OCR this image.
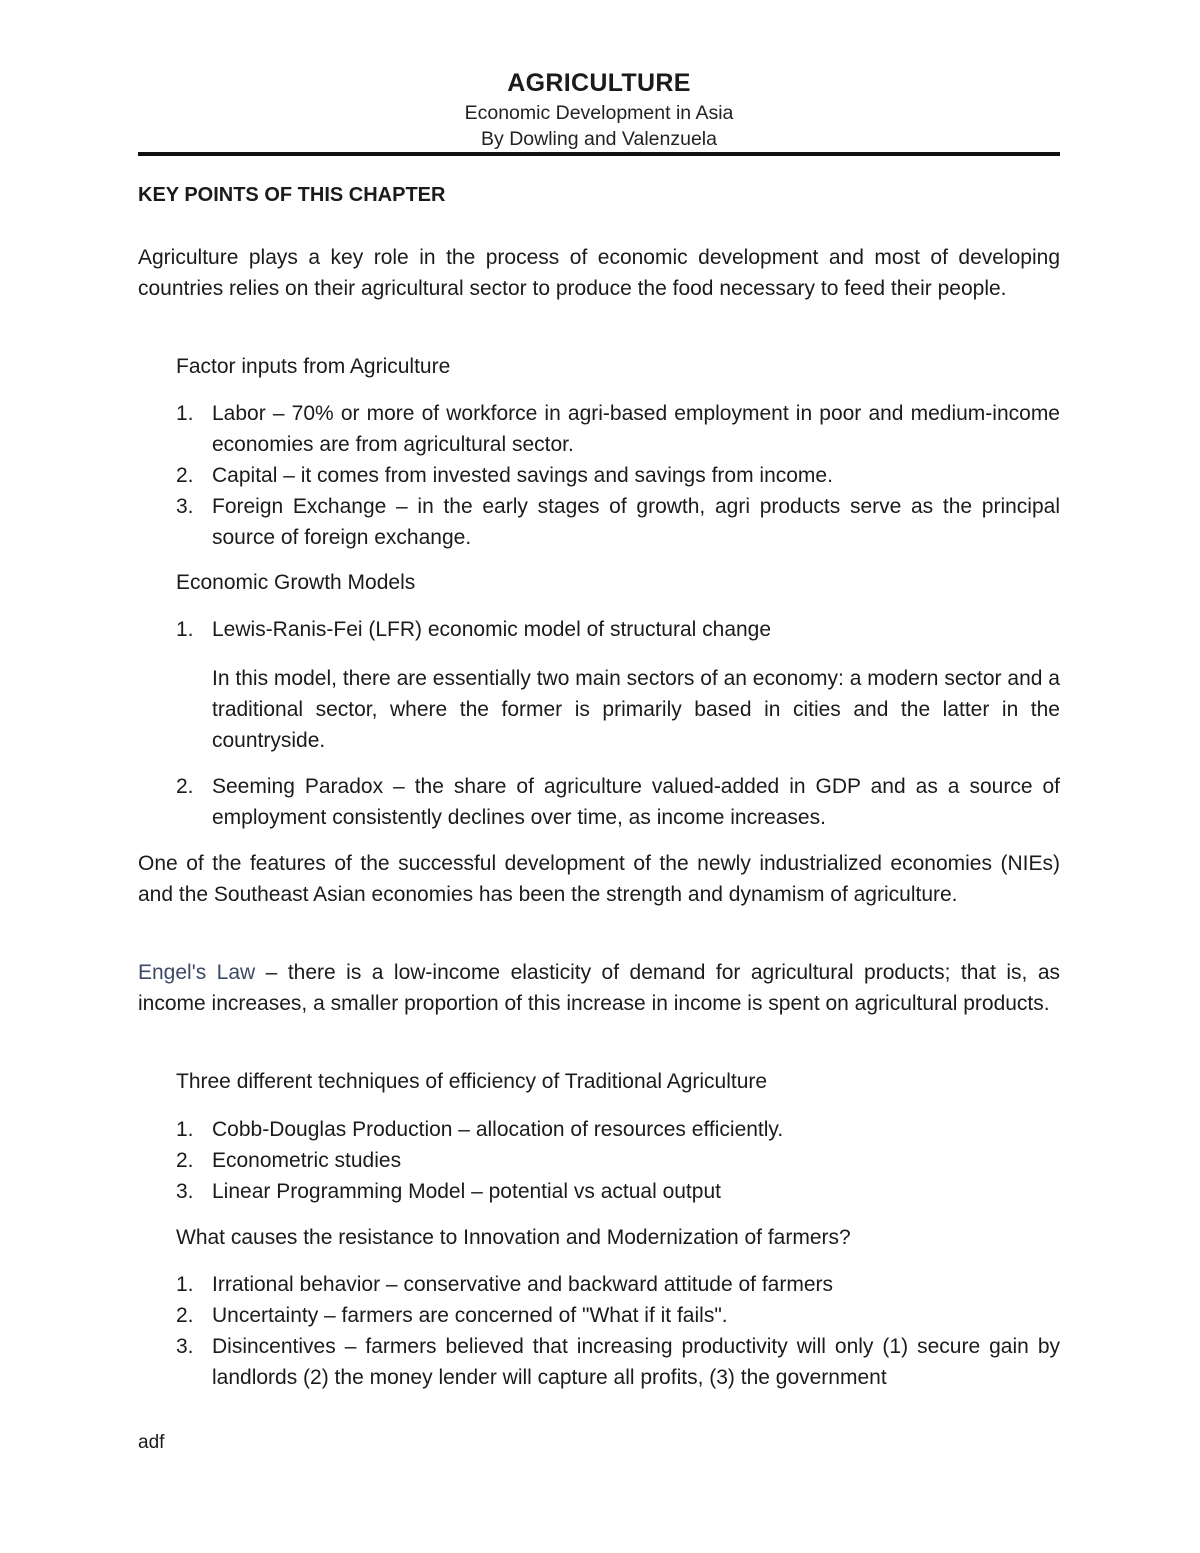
AGRICULTURE
Economic Development in Asia
By Dowling and Valenzuela
KEY POINTS OF THIS CHAPTER
Agriculture plays a key role in the process of economic development and most of developing countries relies on their agricultural sector to produce the food necessary to feed their people.
Factor inputs from Agriculture
1. Labor – 70% or more of workforce in agri-based employment in poor and medium-income economies are from agricultural sector.
2. Capital – it comes from invested savings and savings from income.
3. Foreign Exchange – in the early stages of growth, agri products serve as the principal source of foreign exchange.
Economic Growth Models
1. Lewis-Ranis-Fei (LFR) economic model of structural change
In this model, there are essentially two main sectors of an economy: a modern sector and a traditional sector, where the former is primarily based in cities and the latter in the countryside.
2. Seeming Paradox – the share of agriculture valued-added in GDP and as a source of employment consistently declines over time, as income increases.
One of the features of the successful development of the newly industrialized economies (NIEs) and the Southeast Asian economies has been the strength and dynamism of agriculture.
Engel's Law – there is a low-income elasticity of demand for agricultural products; that is, as income increases, a smaller proportion of this increase in income is spent on agricultural products.
Three different techniques of efficiency of Traditional Agriculture
1. Cobb-Douglas Production – allocation of resources efficiently.
2. Econometric studies
3. Linear Programming Model – potential vs actual output
What causes the resistance to Innovation and Modernization of farmers?
1. Irrational behavior – conservative and backward attitude of farmers
2. Uncertainty – farmers are concerned of "What if it fails".
3. Disincentives – farmers believed that increasing productivity will only (1) secure gain by landlords (2) the money lender will capture all profits, (3) the government
adf
